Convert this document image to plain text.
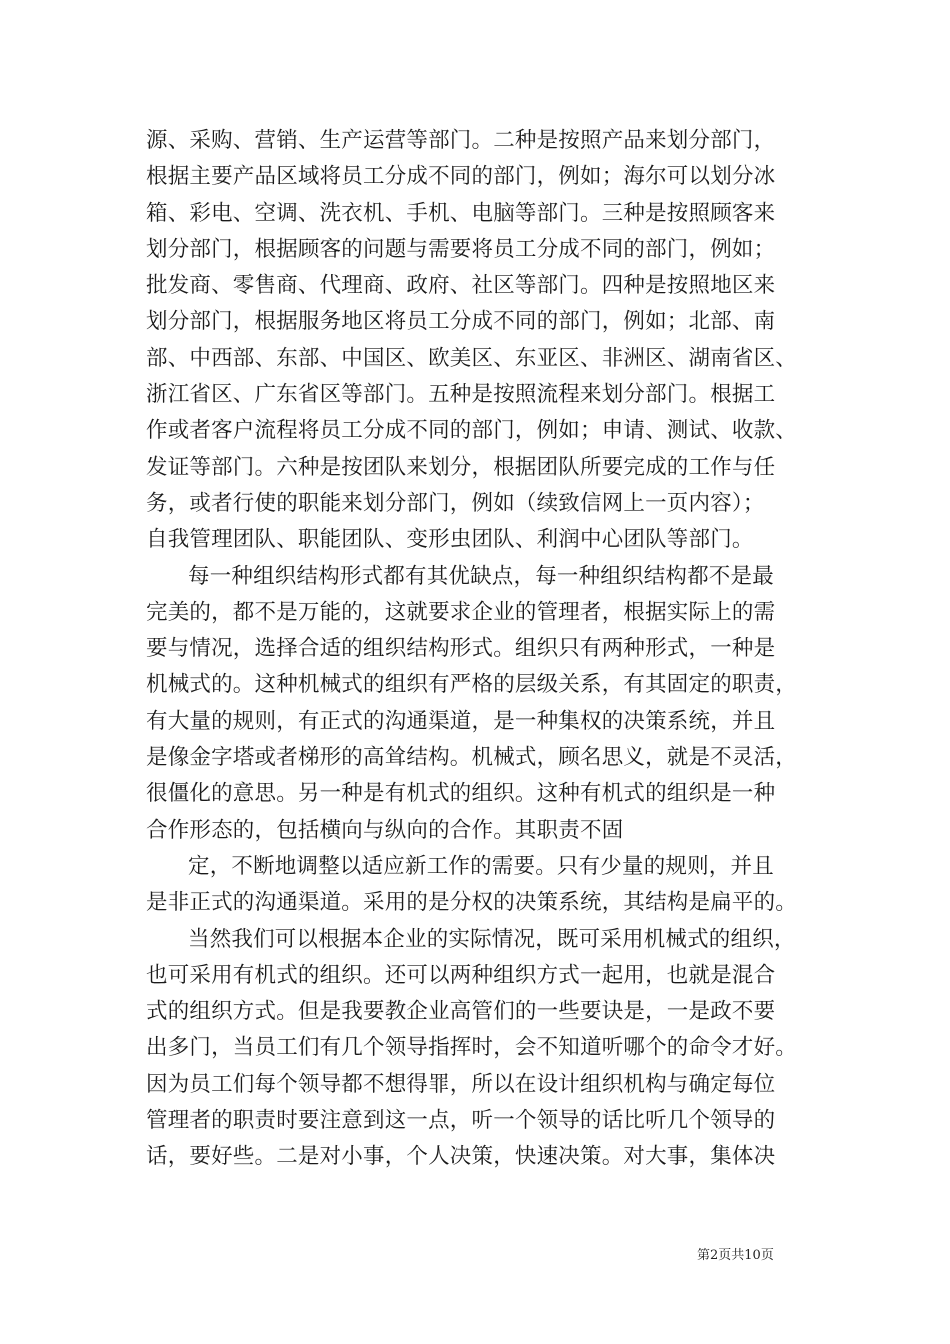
源、采购、营销、生产运营等部门。二种是按照产品来划分部门，
根据主要产品区域将员工分成不同的部门，例如；海尔可以划分冰
箱、彩电、空调、洗衣机、手机、电脑等部门。三种是按照顾客来
划分部门，根据顾客的问题与需要将员工分成不同的部门，例如；
批发商、零售商、代理商、政府、社区等部门。四种是按照地区来
划分部门，根据服务地区将员工分成不同的部门，例如；北部、南
部、中西部、东部、中国区、欧美区、东亚区、非洲区、湖南省区、
浙江省区、广东省区等部门。五种是按照流程来划分部门。根据工
作或者客户流程将员工分成不同的部门，例如；申请、测试、收款、
发证等部门。六种是按团队来划分，根据团队所要完成的工作与任
务，或者行使的职能来划分部门，例如（续致信网上一页内容）；
自我管理团队、职能团队、变形虫团队、利润中心团队等部门。
每一种组织结构形式都有其优缺点，每一种组织结构都不是最
完美的，都不是万能的，这就要求企业的管理者，根据实际上的需
要与情况，选择合适的组织结构形式。组织只有两种形式，一种是
机械式的。这种机械式的组织有严格的层级关系，有其固定的职责，
有大量的规则，有正式的沟通渠道，是一种集权的决策系统，并且
是像金字塔或者梯形的高耸结构。机械式，顾名思义，就是不灵活，
很僵化的意思。另一种是有机式的组织。这种有机式的组织是一种
合作形态的，包括横向与纵向的合作。其职责不固
定，不断地调整以适应新工作的需要。只有少量的规则，并且
是非正式的沟通渠道。采用的是分权的决策系统，其结构是扁平的。
当然我们可以根据本企业的实际情况，既可采用机械式的组织，
也可采用有机式的组织。还可以两种组织方式一起用，也就是混合
式的组织方式。但是我要教企业高管们的一些要诀是，一是政不要
出多门，当员工们有几个领导指挥时，会不知道听哪个的命令才好。
因为员工们每个领导都不想得罪，所以在设计组织机构与确定每位
管理者的职责时要注意到这一点，听一个领导的话比听几个领导的
话，要好些。二是对小事，个人决策，快速决策。对大事，集体决
第2页共10页
